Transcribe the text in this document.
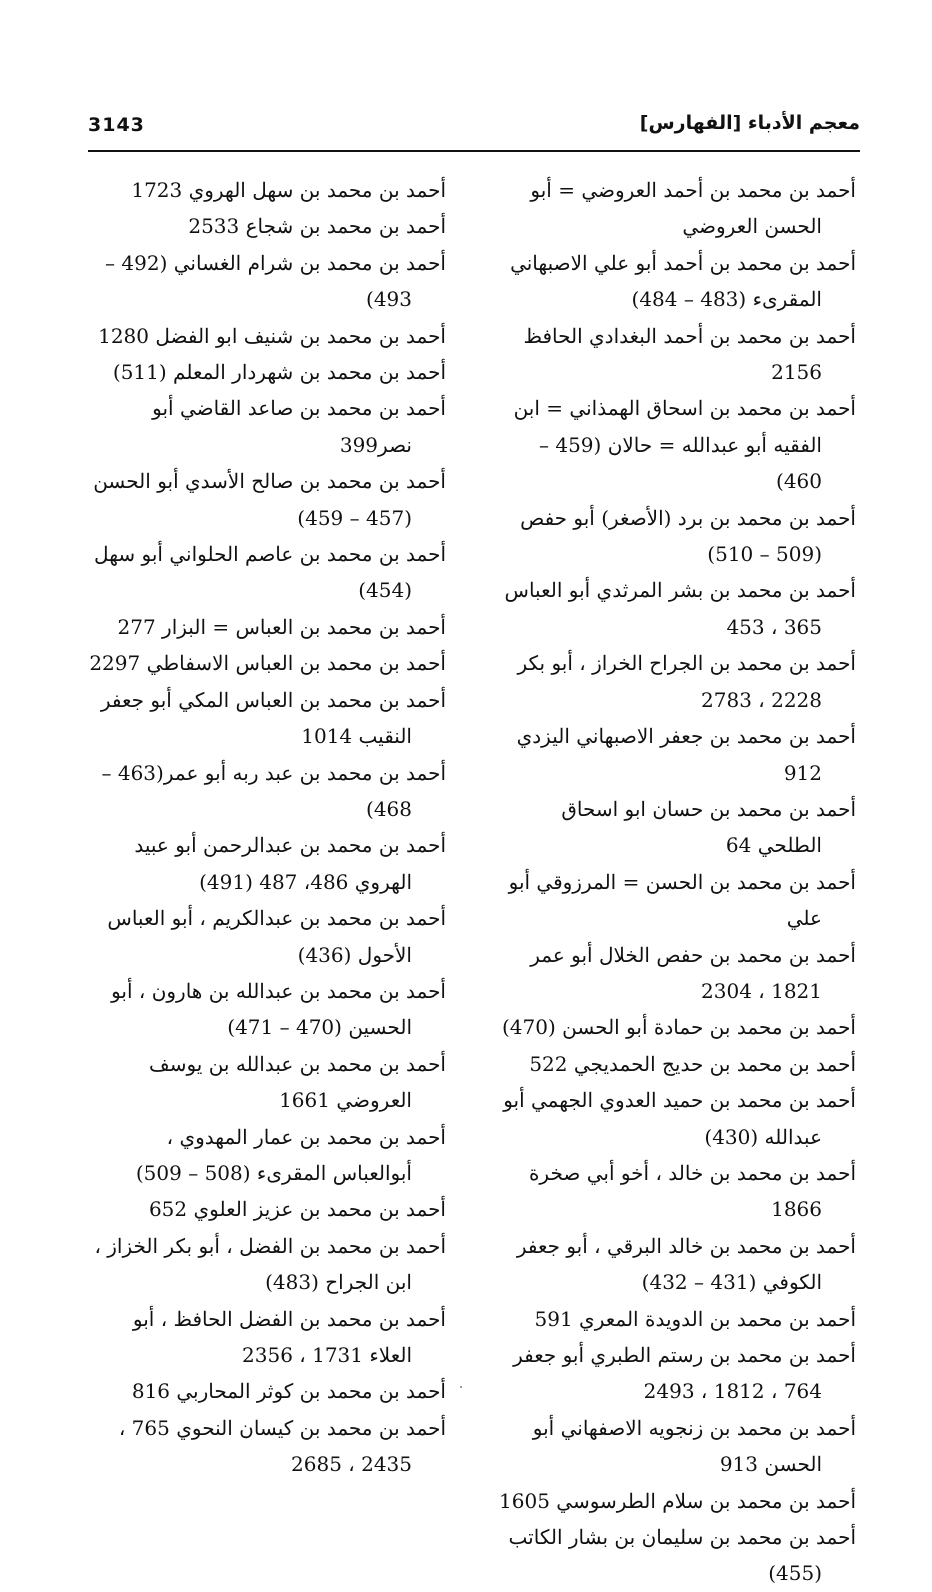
3143	معجم الأدباء [الفهارس]
أحمد بن محمد بن أحمد العروضي = أبو الحسن العروضي
أحمد بن محمد بن أحمد أبو علي الاصبهاني المقرىء (483 – 484)
أحمد بن محمد بن أحمد البغدادي الحافظ 2156
أحمد بن محمد بن اسحاق الهمذاني = ابن الفقيه أبو عبدالله = حالان (459 – 460)
أحمد بن محمد بن برد (الأصغر) أبو حفص (509 – 510)
أحمد بن محمد بن بشر المرثدي أبو العباس 365 ، 453
أحمد بن محمد بن الجراح الخراز ، أبو بكر 2228 ، 2783
أحمد بن محمد بن جعفر الاصبهاني اليزدي 912
أحمد بن محمد بن حسان ابو اسحاق الطلحي 64
أحمد بن محمد بن الحسن = المرزوقي أبو علي
أحمد بن محمد بن حفص الخلال أبو عمر 1821 ، 2304
أحمد بن محمد بن حمادة أبو الحسن (470)
أحمد بن محمد بن حديج الحمديجي 522
أحمد بن محمد بن حميد العدوي الجهمي أبو عبدالله (430)
أحمد بن محمد بن خالد ، أخو أبي صخرة 1866
أحمد بن محمد بن خالد البرقي ، أبو جعفر الكوفي (431 – 432)
أحمد بن محمد بن الدويدة المعري 591
أحمد بن محمد بن رستم الطبري أبو جعفر 764 ، 1812 ، 2493
أحمد بن محمد بن زنجويه الاصفهاني أبو الحسن 913
أحمد بن محمد بن سلام الطرسوسي 1605
أحمد بن محمد بن سليمان بن بشار الكاتب (455)
أحمد بن محمد بن سهل الهروي 1723
أحمد بن محمد بن شجاع 2533
أحمد بن محمد بن شرام الغساني (492 – 493)
أحمد بن محمد بن شنيف ابو الفضل 1280
أحمد بن محمد بن شهردار المعلم (511)
أحمد بن محمد بن صاعد القاضي أبو نصر399
أحمد بن محمد بن صالح الأسدي أبو الحسن (457 – 459)
أحمد بن محمد بن عاصم الحلواني أبو سهل (454)
أحمد بن محمد بن العباس = البزار 277
أحمد بن محمد بن العباس الاسفاطي 2297
أحمد بن محمد بن العباس المكي أبو جعفر النقيب 1014
أحمد بن محمد بن عبد ربه أبو عمر(463 – 468)
أحمد بن محمد بن عبدالرحمن أبو عبيد الهروي 486، 487 (491)
أحمد بن محمد بن عبدالكريم ، أبو العباس الأحول (436)
أحمد بن محمد بن عبدالله بن هارون ، أبو الحسين (470 – 471)
أحمد بن محمد بن عبدالله بن يوسف العروضي 1661
أحمد بن محمد بن عمار المهدوي ، أبوالعباس المقرىء (508 – 509)
أحمد بن محمد بن عزيز العلوي 652
أحمد بن محمد بن الفضل ، أبو بكر الخزاز ، ابن الجراح (483)
أحمد بن محمد بن الفضل الحافظ ، أبو العلاء 1731 ، 2356
أحمد بن محمد بن كوثر المحاربي 816
أحمد بن محمد بن كيسان النحوي 765 ، 2435 ، 2685
